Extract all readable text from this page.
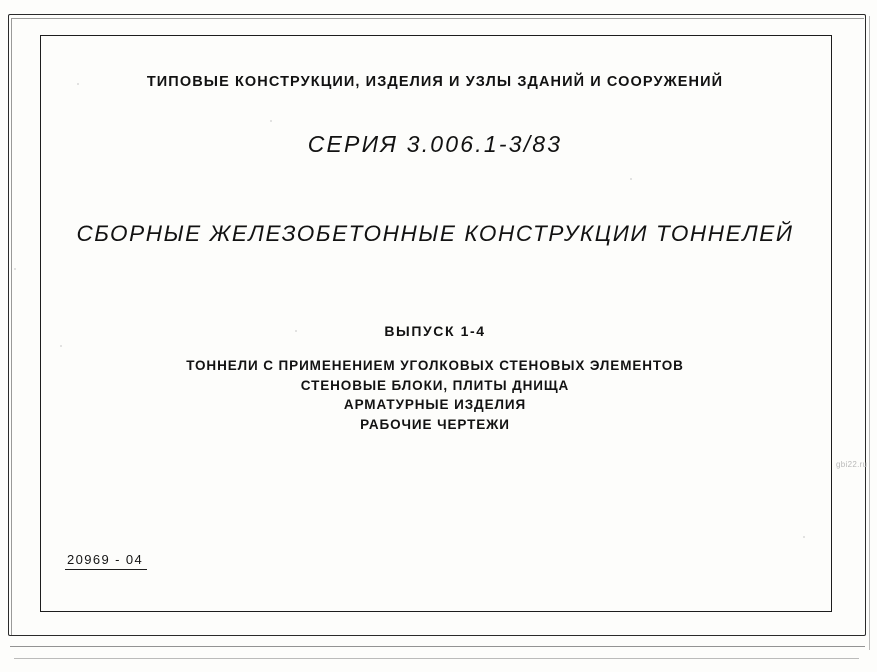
ТИПОВЫЕ КОНСТРУКЦИИ, ИЗДЕЛИЯ И УЗЛЫ ЗДАНИЙ И СООРУЖЕНИЙ
СЕРИЯ 3.006.1-3/83
СБОРНЫЕ ЖЕЛЕЗОБЕТОННЫЕ КОНСТРУКЦИИ ТОННЕЛЕЙ
ВЫПУСК 1-4
ТОННЕЛИ С ПРИМЕНЕНИЕМ УГОЛКОВЫХ СТЕНОВЫХ ЭЛЕМЕНТОВ
СТЕНОВЫЕ БЛОКИ, ПЛИТЫ ДНИЩА
АРМАТУРНЫЕ ИЗДЕЛИЯ
РАБОЧИЕ ЧЕРТЕЖИ
20969 - 04
gbi22.ru
